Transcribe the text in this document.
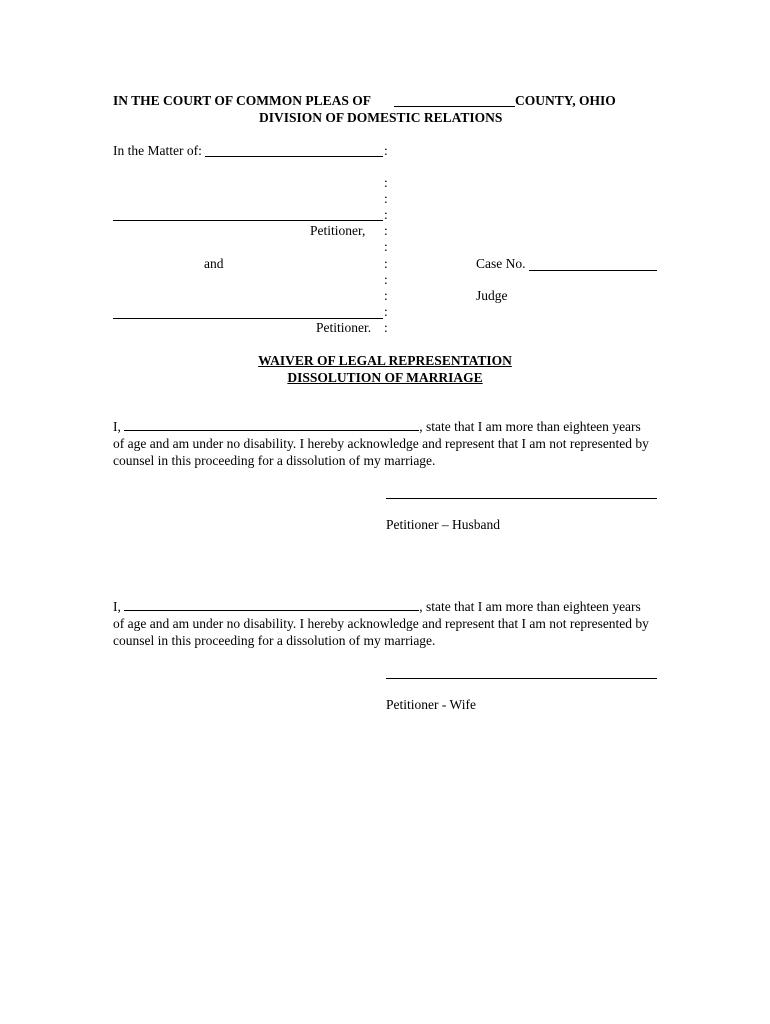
IN THE COURT OF COMMON PLEAS OF	COUNTY, OHIO
DIVISION OF DOMESTIC RELATIONS
In the Matter of:	:
:
:
:
:
:
:
:
:
:
:
Petitioner,
and	Case No.
Judge
Petitioner.
WAIVER OF LEGAL REPRESENTATION
DISSOLUTION OF MARRIAGE
I,	, state that I am more than eighteen years of age and am under no disability. I hereby acknowledge and represent that I am not represented by counsel in this proceeding for a dissolution of my marriage.
Petitioner – Husband
I,	, state that I am more than eighteen years of age and am under no disability. I hereby acknowledge and represent that I am not represented by counsel in this proceeding for a dissolution of my marriage.
Petitioner - Wife
